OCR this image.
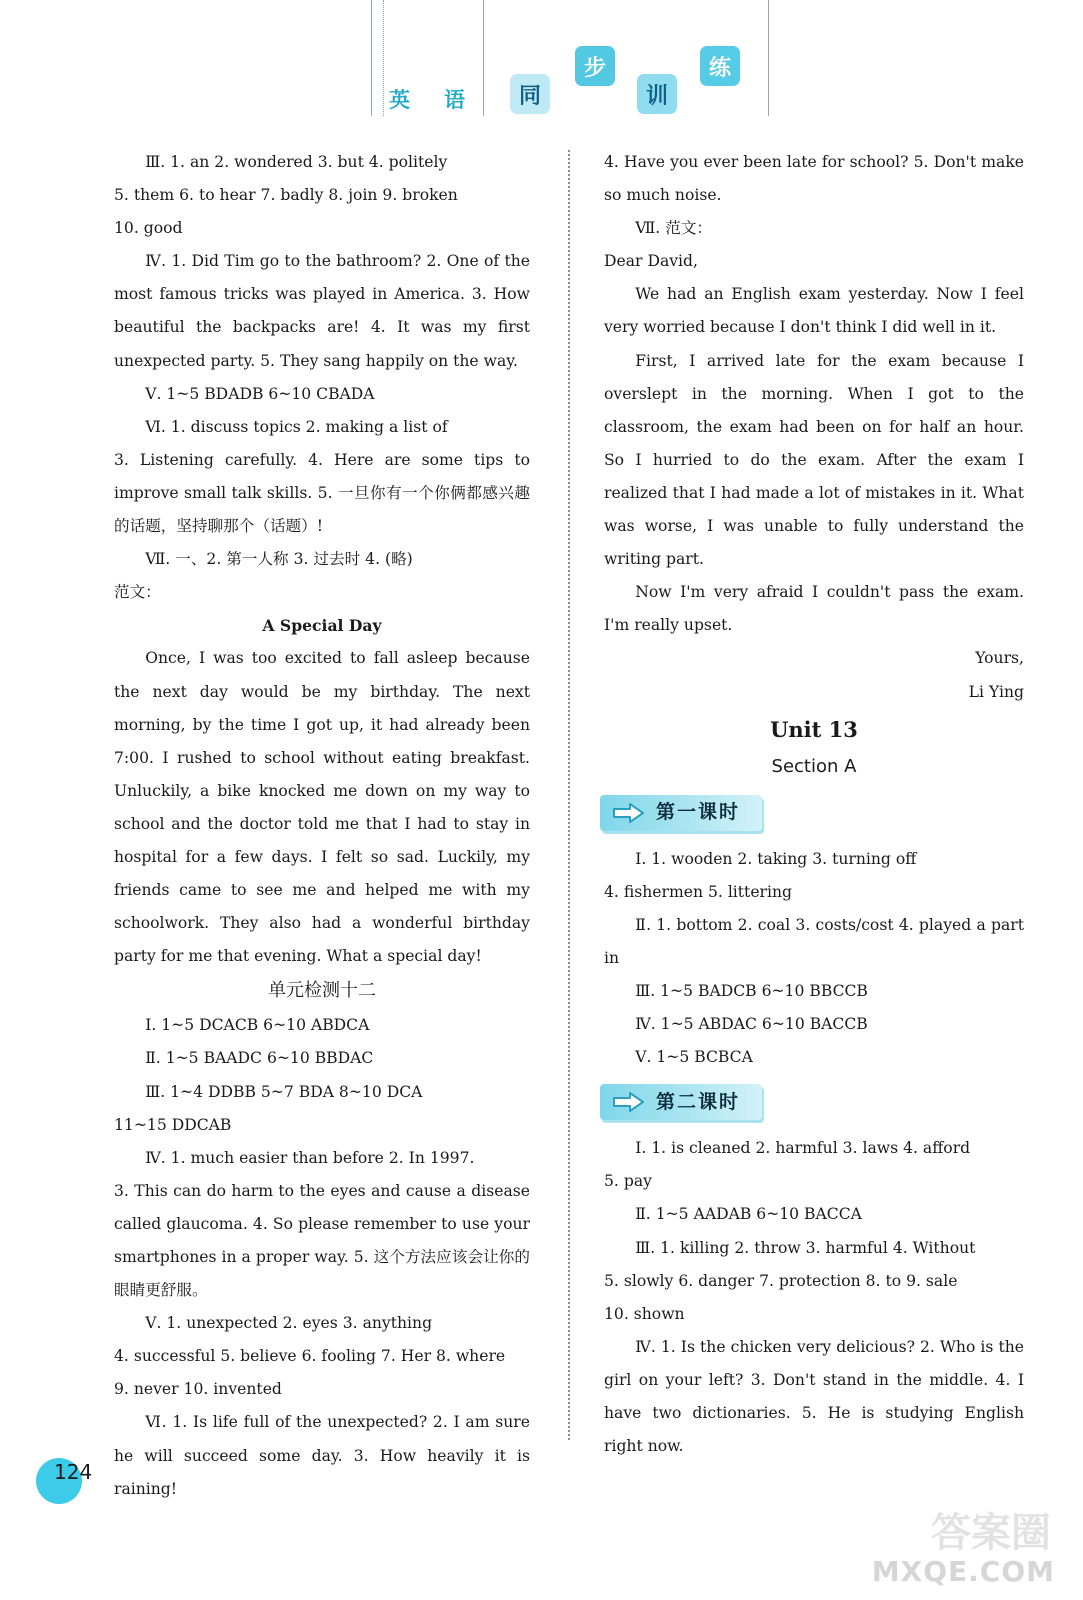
英 语	同
步
训
练

Ⅲ. 1. an 2. wondered 3. but 4. politely

5. them 6. to hear 7. badly 8. join 9. broken

10. good

Ⅳ. 1. Did Tim go to the bathroom? 2. One of the most famous tricks was played in America. 3. How beautiful the backpacks are! 4. It was my first unexpected party. 5. They sang happily on the way.

Ⅴ. 1~5 BDADB 6~10 CBADA

Ⅵ. 1. discuss topics 2. making a list of

3. Listening carefully. 4. Here are some tips to improve small talk skills. 5. 一旦你有一个你俩都感兴趣的话题，坚持聊那个（话题）!

Ⅶ. 一、2. 第一人称 3. 过去时 4. (略)

范文：

A Special Day

Once, I was too excited to fall asleep because the next day would be my birthday. The next morning, by the time I got up, it had already been 7:00. I rushed to school without eating breakfast. Unluckily, a bike knocked me down on my way to school and the doctor told me that I had to stay in hospital for a few days. I felt so sad. Luckily, my friends came to see me and helped me with my schoolwork. They also had a wonderful birthday party for me that evening. What a special day!

单元检测十二

Ⅰ. 1~5 DCACB 6~10 ABDCA

Ⅱ. 1~5 BAADC 6~10 BBDAC

Ⅲ. 1~4 DDBB 5~7 BDA 8~10 DCA

11~15 DDCAB

Ⅳ. 1. much easier than before 2. In 1997.

3. This can do harm to the eyes and cause a disease called glaucoma. 4. So please remember to use your smartphones in a proper way. 5. 这个方法应该会让你的眼睛更舒服。

Ⅴ. 1. unexpected 2. eyes 3. anything

4. successful 5. believe 6. fooling 7. Her 8. where

9. never 10. invented

Ⅵ. 1. Is life full of the unexpected? 2. I am sure he will succeed some day. 3. How heavily it is raining!

4. Have you ever been late for school? 5. Don't make so much noise.

Ⅶ. 范文：

Dear David,

We had an English exam yesterday. Now I feel very worried because I don't think I did well in it.

First, I arrived late for the exam because I overslept in the morning. When I got to the classroom, the exam had been on for half an hour. So I hurried to do the exam. After the exam I realized that I had made a lot of mistakes in it. What was worse, I was unable to fully understand the writing part.

Now I'm very afraid I couldn't pass the exam. I'm really upset.

Yours,

Li Ying

Unit 13

Section A

第一课时

Ⅰ. 1. wooden 2. taking 3. turning off

4. fishermen 5. littering

Ⅱ. 1. bottom 2. coal 3. costs/cost 4. played a part in

Ⅲ. 1~5 BADCB 6~10 BBCCB

Ⅳ. 1~5 ABDAC 6~10 BACCB

Ⅴ. 1~5 BCBCA

第二课时

Ⅰ. 1. is cleaned 2. harmful 3. laws 4. afford

5. pay

Ⅱ. 1~5 AADAB 6~10 BACCA

Ⅲ. 1. killing 2. throw 3. harmful 4. Without

5. slowly 6. danger 7. protection 8. to 9. sale

10. shown

Ⅳ. 1. Is the chicken very delicious? 2. Who is the girl on your left? 3. Don't stand in the middle. 4. I have two dictionaries. 5. He is studying English right now.

124
答案圈
MXQE.COM
